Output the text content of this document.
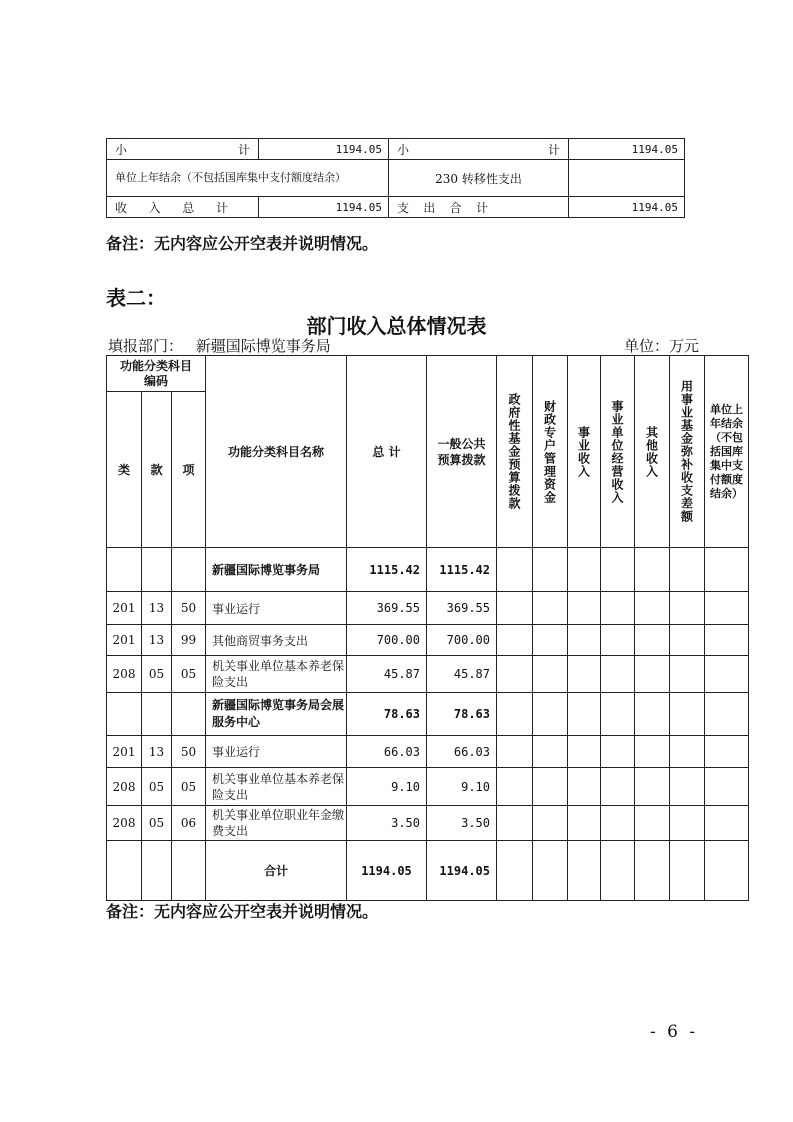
小 计	1194.05	小 计	1194.05
单位上年结余（不包括国库集中支付额度结余）		230 转移性支出	

收 入 总 计	1194.05	支 出 合 计	1194.05
备注：无内容应公开空表并说明情况。
表二：
部门收入总体情况表
填报部门： 新疆国际博览事务局	单位：万元
功能分类科目编码			功能分类科目名称	总 计	一般公共预算拨款	政府性基金预算拨款	财政专户管理资金	事业收入	事业单位经营收入	其他收入	用事业基金弥补收支差额	单位上年结余（不包括国库集中支付额度结余）
类	款	项										
			新疆国际博览事务局	1115.42	1115.42							
201	13	50	事业运行	369.55	369.55							
201	13	99	其他商贸事务支出	700.00	700.00							
208	05	05	机关事业单位基本养老保险支出	45.87	45.87							
			新疆国际博览事务局会展服务中心	78.63	78.63							
201	13	50	事业运行	66.03	66.03							
208	05	05	机关事业单位基本养老保险支出	9.10	9.10							
208	05	06	机关事业单位职业年金缴费支出	3.50	3.50							
			合计	1194.05	1194.05							
备注：无内容应公开空表并说明情况。
- 6 -
